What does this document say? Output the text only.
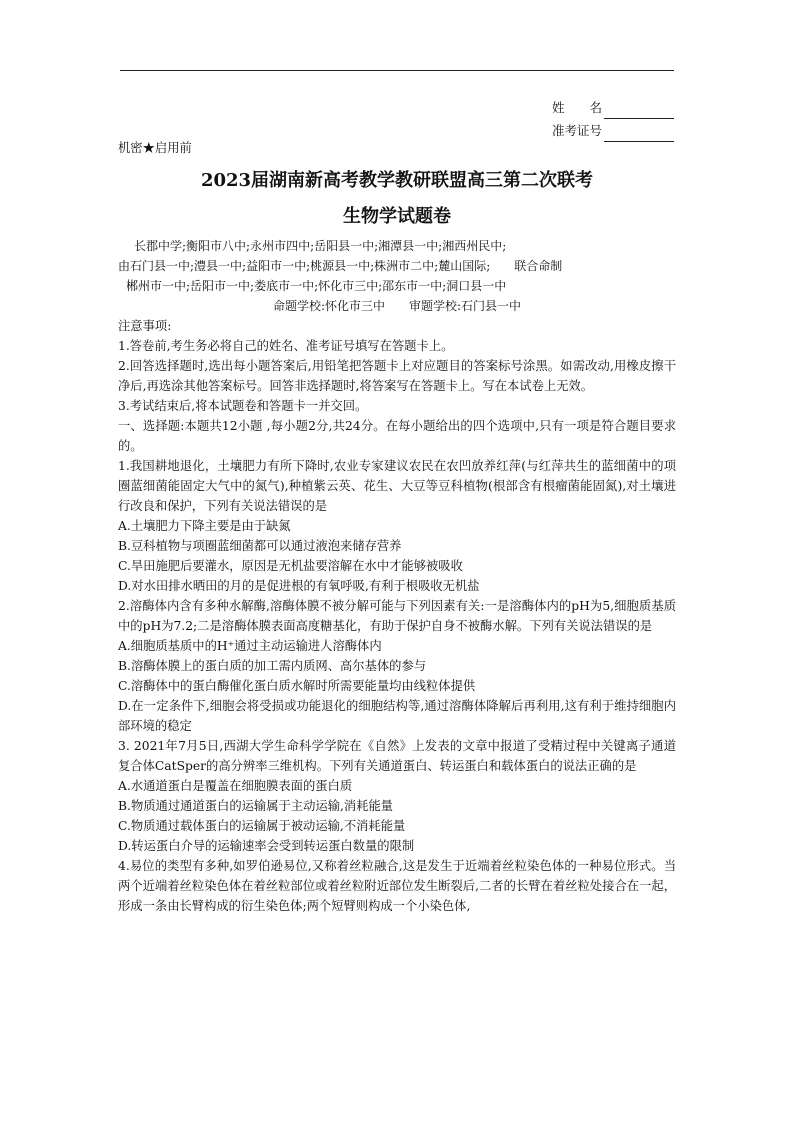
姓　　名
准考证号

机密★启用前

2023届湖南新高考教学教研联盟高三第二次联考
生物学试题卷

长郡中学;衡阳市八中;永州市四中;岳阳县一中;湘潭县一中;湘西州民中;

由石门县一中;澧县一中;益阳市一中;桃源县一中;株洲市二中;麓山国际;　　联合命制

郴州市一中;岳阳市一中;娄底市一中;怀化市三中;邵东市一中;洞口县一中

命题学校:怀化市三中　　审题学校:石门县一中

注意事项:

1.答卷前,考生务必将自己的姓名、准考证号填写在答题卡上。

2.回答选择题时,选出每小题答案后,用铅笔把答题卡上对应题目的答案标号涂黑。如需改动,用橡皮擦干净后,再选涂其他答案标号。回答非选择题时,将答案写在答题卡上。写在本试卷上无效。

3.考试结束后,将本试题卷和答题卡一并交回。

一、选择题:本题共12小题 ,每小题2分,共24分。在每小题给出的四个选项中,只有一项是符合题目要求的。

1.我国耕地退化，土壤肥力有所下降时,农业专家建议农民在农凹放养红萍(与红萍共生的蓝细菌中的项圈蓝细菌能固定大气中的氮气),种植紫云英、花生、大豆等豆科植物(根部含有根瘤菌能固氮),对土壤进行改良和保护，下列有关说法错误的是

A.土壤肥力下降主要是由于缺氮

B.豆科植物与项圈蓝细菌都可以通过液泡来储存营养

C.旱田施肥后要灌水，原因是无机盐要溶解在水中才能够被吸收

D.对水田排水晒田的月的是促进根的有氧呼吸,有利于根吸收无机盐

2.溶酶体内含有多种水解酶,溶酶体膜不被分解可能与下列因素有关:一是溶酶体内的pH为5,细胞质基质中的pH为7.2;二是溶酶体膜表面高度糖基化，有助于保护自身不被酶水解。下列有关说法错误的是

A.细胞质基质中的H⁺通过主动运输进人溶酶体内

B.溶酶体膜上的蛋白质的加工需内质网、高尔基体的参与

C.溶酶体中的蛋白酶催化蛋白质水解时所需要能量均由线粒体提供

D.在一定条件下,细胞会将受损或功能退化的细胞结构等,通过溶酶体降解后再利用,这有利于维持细胞内部环境的稳定

3. 2021年7月5日,西湖大学生命科学学院在《自然》上发表的文章中报道了受精过程中关键离子通道复合体CatSper的高分辨率三维机构。下列有关通道蛋白、转运蛋白和载体蛋白的说法正确的是

A.水通道蛋白是覆盖在细胞膜表面的蛋白质

B.物质通过通道蛋白的运输属于主动运输,消耗能量

C.物质通过载体蛋白的运输属于被动运输,不消耗能量

D.转运蛋白介导的运输速率会受到转运蛋白数量的限制

4.易位的类型有多种,如罗伯逊易位,又称着丝粒融合,这是发生于近端着丝粒染色体的一种易位形式。当两个近端着丝粒染色体在着丝粒部位或着丝粒附近部位发生断裂后,二者的长臂在着丝粒处接合在一起，形成一条由长臂构成的衍生染色体;两个短臂则构成一个小染色体,
